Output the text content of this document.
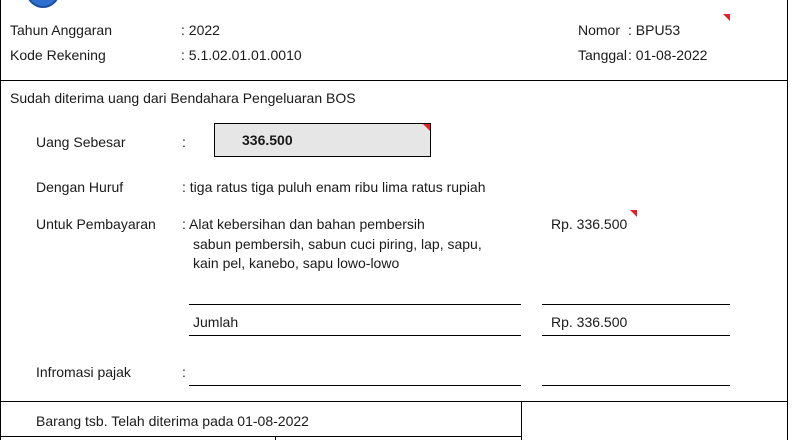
Tahun Anggaran	: 2022
Kode Rekening	: 5.1.02.01.01.0010
Nomor : BPU53
Tanggal : 01-08-2022
Sudah diterima uang dari Bendahara Pengeluaran BOS
Uang Sebesar	:	336.500
Dengan Huruf	: tiga ratus tiga puluh enam ribu lima ratus rupiah
Untuk Pembayaran : Alat kebersihan dan bahan pembersih
sabun pembersih, sabun cuci piring, lap, sapu,
kain pel, kanebo, sapu lowo-lowo
Rp. 336.500
Jumlah	Rp. 336.500
Infromasi pajak	:
Barang tsb. Telah diterima pada 01-08-2022
